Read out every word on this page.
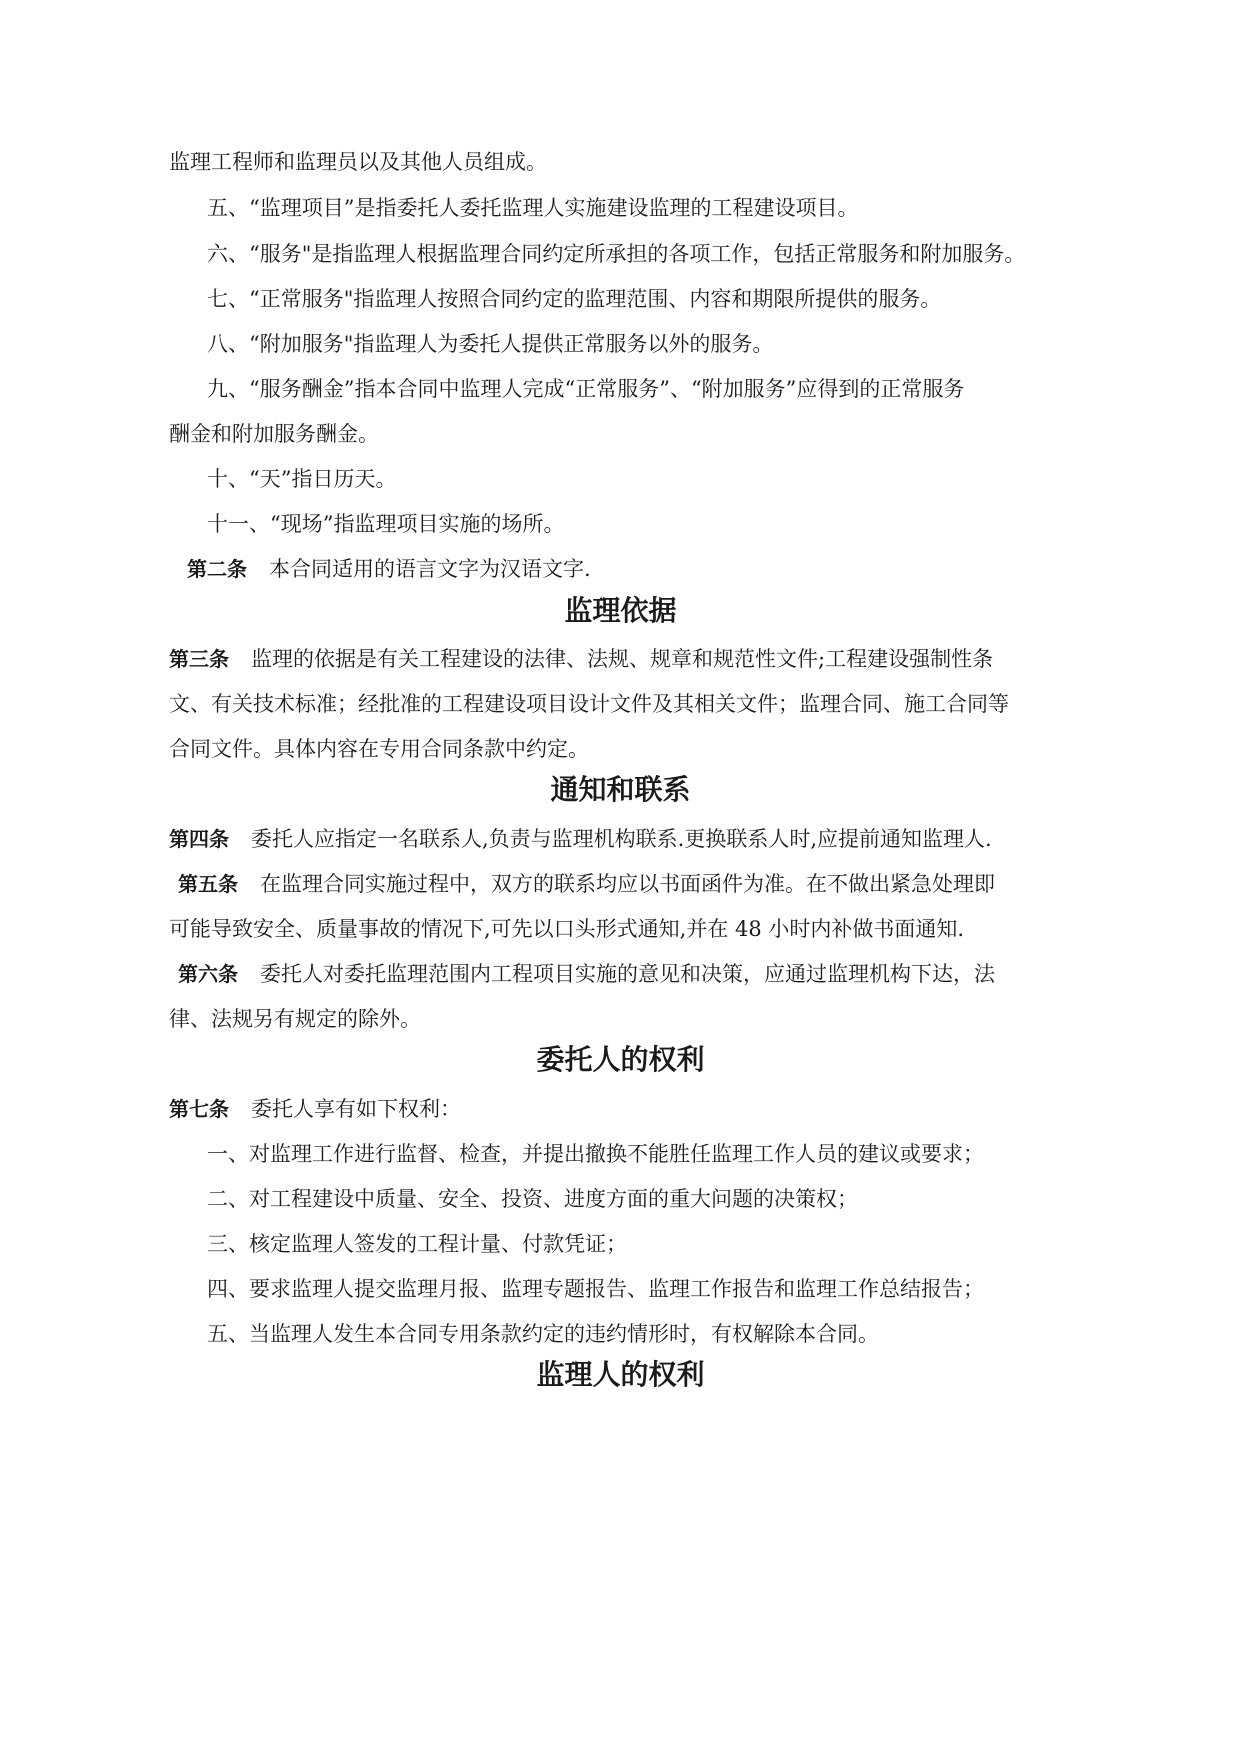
监理工程师和监理员以及其他人员组成。
五、“监理项目”是指委托人委托监理人实施建设监理的工程建设项目。
六、“服务"是指监理人根据监理合同约定所承担的各项工作，包括正常服务和附加服务。
七、“正常服务"指监理人按照合同约定的监理范围、内容和期限所提供的服务。
八、“附加服务"指监理人为委托人提供正常服务以外的服务。
九、“服务酬金”指本合同中监理人完成“正常服务”、“附加服务”应得到的正常服务
酬金和附加服务酬金。
十、“天”指日历天。
十一、“现场”指监理项目实施的场所。
第二条 本合同适用的语言文字为汉语文字.
监理依据
第三条 监理的依据是有关工程建设的法律、法规、规章和规范性文件;工程建设强制性条
文、有关技术标准；经批准的工程建设项目设计文件及其相关文件；监理合同、施工合同等
合同文件。具体内容在专用合同条款中约定。
通知和联系
第四条 委托人应指定一名联系人,负责与监理机构联系.更换联系人时,应提前通知监理人.
第五条 在监理合同实施过程中，双方的联系均应以书面函件为准。在不做出紧急处理即
可能导致安全、质量事故的情况下,可先以口头形式通知,并在 48 小时内补做书面通知.
第六条 委托人对委托监理范围内工程项目实施的意见和决策，应通过监理机构下达，法
律、法规另有规定的除外。
委托人的权利
第七条 委托人享有如下权利：
一、对监理工作进行监督、检查，并提出撤换不能胜任监理工作人员的建议或要求；
二、对工程建设中质量、安全、投资、进度方面的重大问题的决策权；
三、核定监理人签发的工程计量、付款凭证；
四、要求监理人提交监理月报、监理专题报告、监理工作报告和监理工作总结报告；
五、当监理人发生本合同专用条款约定的违约情形时，有权解除本合同。
监理人的权利
